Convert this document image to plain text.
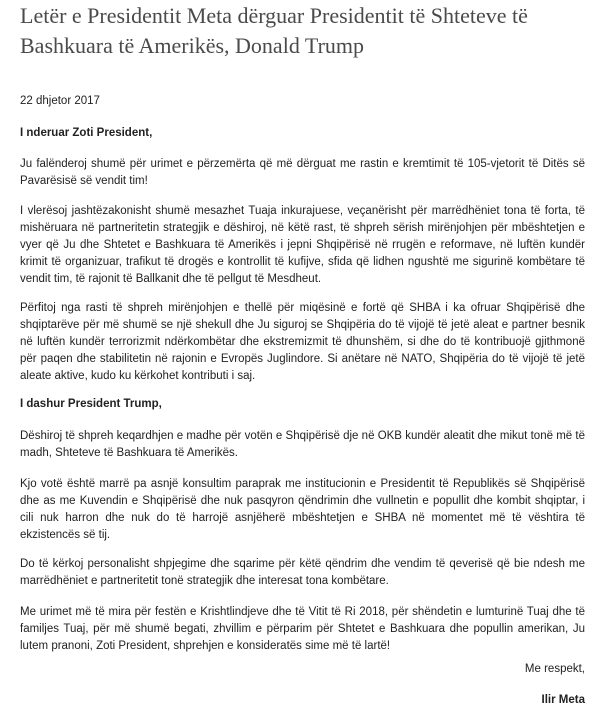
Letër e Presidentit Meta dërguar Presidentit të Shteteve të Bashkuara të Amerikës, Donald Trump

22 dhjetor 2017

I nderuar Zoti President,

Ju falënderoj shumë për urimet e përzemërta që më dërguat me rastin e kremtimit të 105-vjetorit të Ditës së Pavarësisë së vendit tim!

I vlerësoj jashtëzakonisht shumë mesazhet Tuaja inkurajuese, veçanërisht për marrëdhëniet tona të forta, të mishëruara në partneritetin strategjik e dëshiroj, në këtë rast, të shpreh sërish mirënjohjen për mbështetjen e vyer që Ju dhe Shtetet e Bashkuara të Amerikës i jepni Shqipërisë në rrugën e reformave, në luftën kundër krimit të organizuar, trafikut të drogës e kontrollit të kufijve, sfida që lidhen ngushtë me sigurinë kombëtare të vendit tim, të rajonit të Ballkanit dhe të pellgut të Mesdheut.

Përfitoj nga rasti të shpreh mirënjohjen e thellë për miqësinë e fortë që SHBA i ka ofruar Shqipërisë dhe shqiptarëve për më shumë se një shekull dhe Ju siguroj se Shqipëria do të vijojë të jetë aleat e partner besnik në luftën kundër terrorizmit ndërkombëtar dhe ekstremizmit të dhunshëm, si dhe do të kontribuojë gjithmonë për paqen dhe stabilitetin në rajonin e Evropës Juglindore. Si anëtare në NATO, Shqipëria do të vijojë të jetë aleate aktive, kudo ku kërkohet kontributi i saj.

I dashur President Trump,

Dëshiroj të shpreh keqardhjen e madhe për votën e Shqipërisë dje në OKB kundër aleatit dhe mikut tonë më të madh, Shtetevе të Bashkuara të Amerikës.

Kjo votë është marrë pa asnjë konsultim paraprak me institucionin e Presidentit të Republikës së Shqipërisë dhe as me Kuvendin e Shqipërisë dhe nuk pasqyron qëndrimin dhe vullnetin e popullit dhe kombit shqiptar, i cili nuk harron dhe nuk do të harrojë asnjëherë mbështetjen e SHBA në momentet më të vështira të ekzistencës së tij.

Do të kërkoj personalisht shpjegime dhe sqarime për këtë qëndrim dhe vendim të qeverisë që bie ndesh me marrëdhëniet e partneritetit tonë strategjik dhe interesat tona kombëtare.

Me urimet më të mira për festën e Krishtlindjeve dhe të Vitit të Ri 2018, për shëndetin e lumturinë Tuaj dhe të familjes Tuaj, për më shumë begati, zhvillim e përparim për Shtetet e Bashkuara dhe popullin amerikan, Ju lutem pranoni, Zoti President, shprehjen e konsideratës sime më të lartë!

Me respekt,

Ilir Meta
